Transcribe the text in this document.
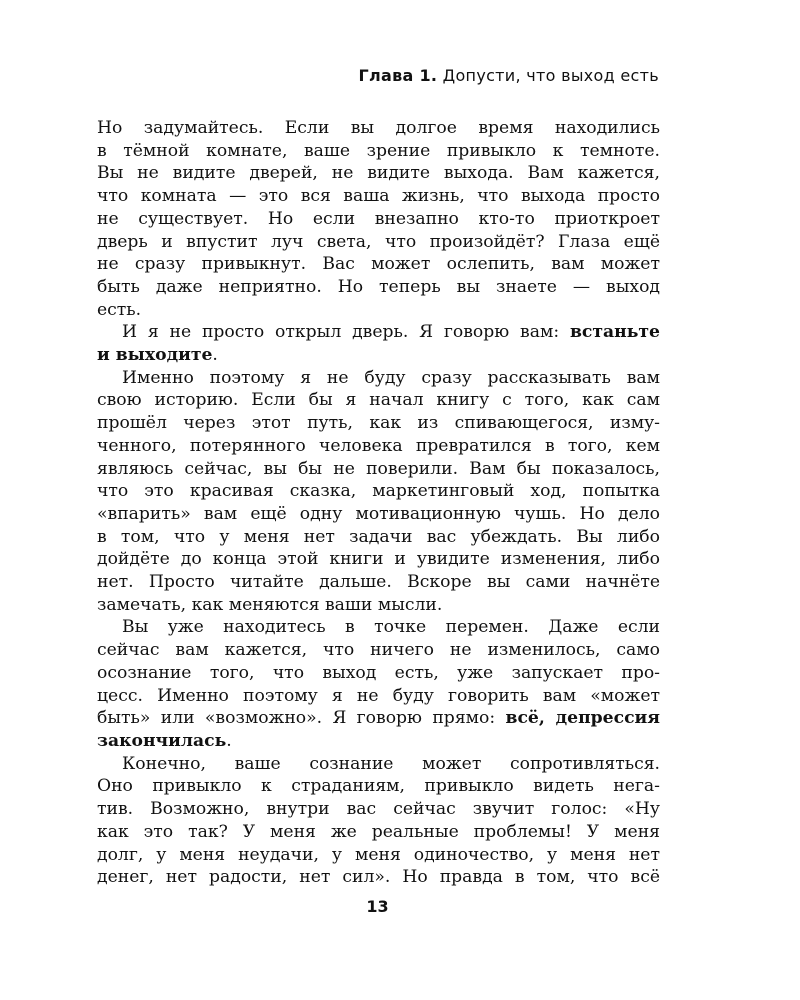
Глава 1. Допусти, что выход есть
Но задумайтесь. Если вы долгое время находились
в тёмной комнате, ваше зрение привыкло к темноте.
Вы не видите дверей, не видите выхода. Вам кажется,
что комната — это вся ваша жизнь, что выхода просто
не существует. Но если внезапно кто-то приоткроет
дверь и впустит луч света, что произойдёт? Глаза ещё
не сразу привыкнут. Вас может ослепить, вам может
быть даже неприятно. Но теперь вы знаете — выход
есть.
И я не просто открыл дверь. Я говорю вам: встаньте
и выходите.
Именно поэтому я не буду сразу рассказывать вам
свою историю. Если бы я начал книгу с того, как сам
прошёл через этот путь, как из спивающегося, изму-
ченного, потерянного человека превратился в того, кем
являюсь сейчас, вы бы не поверили. Вам бы показалось,
что это красивая сказка, маркетинговый ход, попытка
«впарить» вам ещё одну мотивационную чушь. Но дело
в том, что у меня нет задачи вас убеждать. Вы либо
дойдёте до конца этой книги и увидите изменения, либо
нет. Просто читайте дальше. Вскоре вы сами начнёте
замечать, как меняются ваши мысли.
Вы уже находитесь в точке перемен. Даже если
сейчас вам кажется, что ничего не изменилось, само
осознание того, что выход есть, уже запускает про-
цесс. Именно поэтому я не буду говорить вам «может
быть» или «возможно». Я говорю прямо: всё, депрессия
закончилась.
Конечно, ваше сознание может сопротивляться.
Оно привыкло к страданиям, привыкло видеть нега-
тив. Возможно, внутри вас сейчас звучит голос: «Ну
как это так? У меня же реальные проблемы! У меня
долг, у меня неудачи, у меня одиночество, у меня нет
денег, нет радости, нет сил». Но правда в том, что всё
13
